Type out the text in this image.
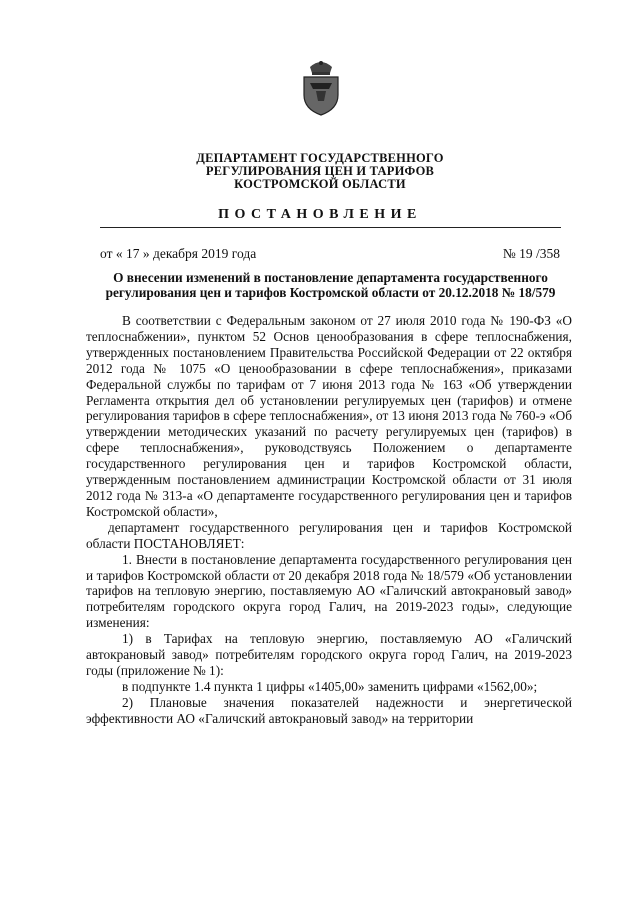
ДЕПАРТАМЕНТ ГОСУДАРСТВЕННОГО
РЕГУЛИРОВАНИЯ ЦЕН И ТАРИФОВ
КОСТРОМСКОЙ ОБЛАСТИ
ПОСТАНОВЛЕНИЕ
от « 17 » декабря 2019 года	№ 19 /358
О внесении изменений в постановление департамента государственного регулирования цен и тарифов Костромской области от 20.12.2018 № 18/579

В соответствии с Федеральным законом от 27 июля 2010 года № 190-ФЗ «О теплоснабжении», пунктом 52 Основ ценообразования в сфере теплоснабжения, утвержденных постановлением Правительства Российской Федерации от 22 октября 2012 года № 1075 «О ценообразовании в сфере теплоснабжения», приказами Федеральной службы по тарифам от 7 июня 2013 года № 163 «Об утверждении Регламента открытия дел об установлении регулируемых цен (тарифов) и отмене регулирования тарифов в сфере теплоснабжения», от 13 июня 2013 года № 760-э «Об утверждении методических указаний по расчету регулируемых цен (тарифов) в сфере теплоснабжения», руководствуясь Положением о департаменте государственного регулирования цен и тарифов Костромской области, утвержденным постановлением администрации Костромской области от 31 июля 2012 года № 313-а «О департаменте государственного регулирования цен и тарифов Костромской области»,

департамент государственного регулирования цен и тарифов Костромской области ПОСТАНОВЛЯЕТ:

1. Внести в постановление департамента государственного регулирования цен и тарифов Костромской области от 20 декабря 2018 года № 18/579 «Об установлении тарифов на тепловую энергию, поставляемую АО «Галичский автокрановый завод» потребителям городского округа город Галич, на 2019-2023 годы», следующие изменения:

1) в Тарифах на тепловую энергию, поставляемую АО «Галичский автокрановый завод» потребителям городского округа город Галич, на 2019-2023 годы (приложение № 1):

в подпункте 1.4 пункта 1 цифры «1405,00» заменить цифрами «1562,00»;

2) Плановые значения показателей надежности и энергетической эффективности АО «Галичский автокрановый завод» на территории
